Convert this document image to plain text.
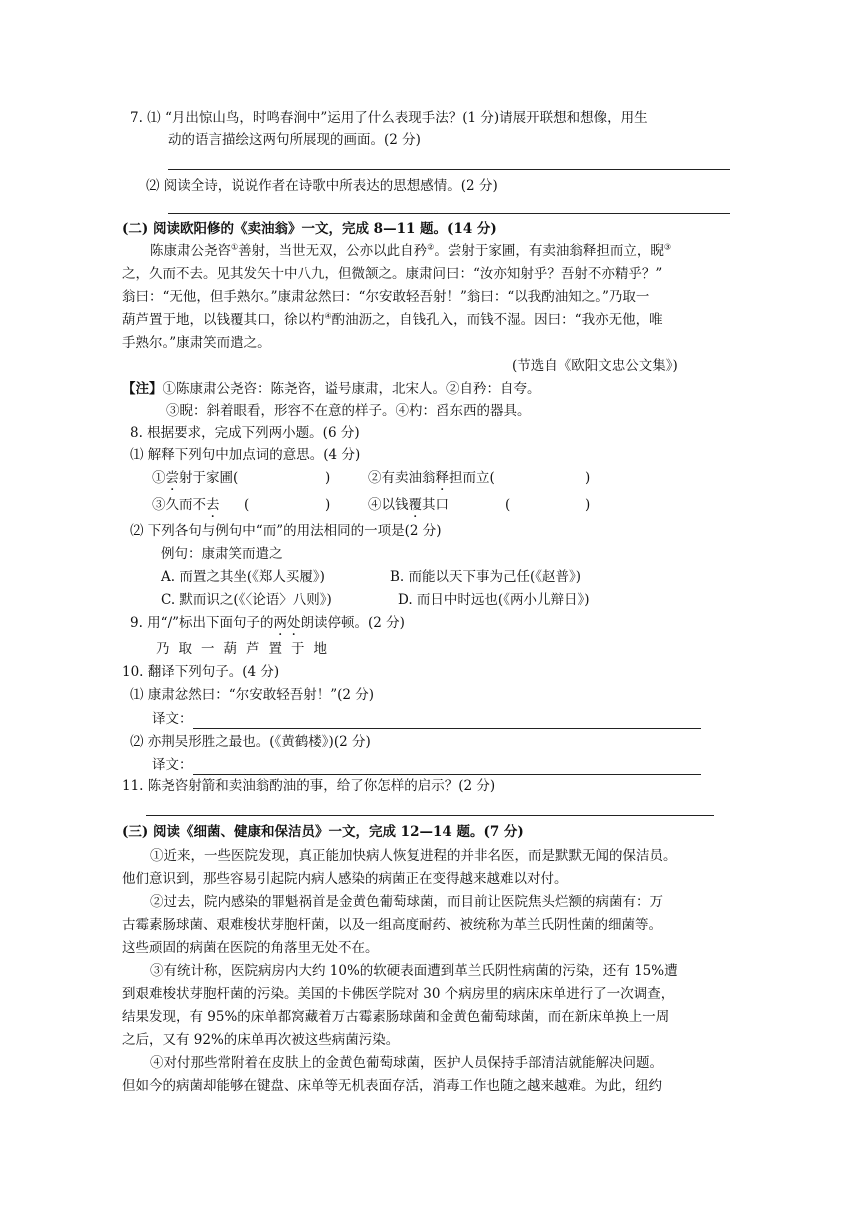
7. ⑴ “月出惊山鸟，时鸣春涧中”运用了什么表现手法？(1 分)请展开联想和想像，用生
动的语言描绘这两句所展现的画面。(2 分)
⑵ 阅读全诗，说说作者在诗歌中所表达的思想感情。(2 分)
(二) 阅读欧阳修的《卖油翁》一文，完成 8—11 题。(14 分)
陈康肃公尧咨①善射，当世无双，公亦以此自矜②。尝射于家圃，有卖油翁释担而立，睨③
之，久而不去。见其发矢十中八九，但微颔之。康肃问曰：“汝亦知射乎？吾射不亦精乎？”
翁曰：“无他，但手熟尔。”康肃忿然曰：“尔安敢轻吾射！”翁曰：“以我酌油知之。”乃取一
葫芦置于地，以钱覆其口，徐以杓④酌油沥之，自钱孔入，而钱不湿。因曰：“我亦无他，唯
手熟尔。”康肃笑而遣之。
(节选自《欧阳文忠公文集》)
【注】①陈康肃公尧咨：陈尧咨，谥号康肃，北宋人。②自矜：自夸。
③睨：斜着眼看，形容不在意的样子。④杓：舀东西的器具。
8. 根据要求，完成下列两小题。(6 分)
⑴ 解释下列句中加点词的意思。(4 分)
①尝射于家圃(	)	②有卖油翁释担而立(	)
③久而不去 (	)	④以钱覆其口	(	)
⑵ 下列各句与例句中“而”的用法相同的一项是(2 分)
例句：康肃笑而遣之
A. 而置之其坐(《郑人买履》)	B. 而能以天下事为己任(《赵普》)
C. 默而识之(《〈论语〉八则》)	D. 而日中时远也(《两小儿辩日》)
9. 用“/”标出下面句子的两处朗读停顿。(2 分)
乃取一葫芦置于地
10. 翻译下列句子。(4 分)
⑴ 康肃忿然曰：“尔安敢轻吾射！”(2 分)
译文：
⑵ 亦荆吴形胜之最也。(《黄鹤楼》)(2 分)
译文：
11. 陈尧咨射箭和卖油翁酌油的事，给了你怎样的启示？(2 分)
(三) 阅读《细菌、健康和保洁员》一文，完成 12—14 题。(7 分)
①近来，一些医院发现，真正能加快病人恢复进程的并非名医，而是默默无闻的保洁员。
他们意识到，那些容易引起院内病人感染的病菌正在变得越来越难以对付。
②过去，院内感染的罪魁祸首是金黄色葡萄球菌，而目前让医院焦头烂额的病菌有：万
古霉素肠球菌、艰难梭状芽胞杆菌，以及一组高度耐药、被统称为革兰氏阴性菌的细菌等。
这些顽固的病菌在医院的角落里无处不在。
③有统计称，医院病房内大约 10%的软硬表面遭到革兰氏阴性病菌的污染，还有 15%遭
到艰难梭状芽胞杆菌的污染。美国的卡佛医学院对 30 个病房里的病床床单进行了一次调查，
结果发现，有 95%的床单都窝藏着万古霉素肠球菌和金黄色葡萄球菌，而在新床单换上一周
之后，又有 92%的床单再次被这些病菌污染。
④对付那些常附着在皮肤上的金黄色葡萄球菌，医护人员保持手部清洁就能解决问题。
但如今的病菌却能够在键盘、床单等无机表面存活，消毒工作也随之越来越难。为此，纽约
